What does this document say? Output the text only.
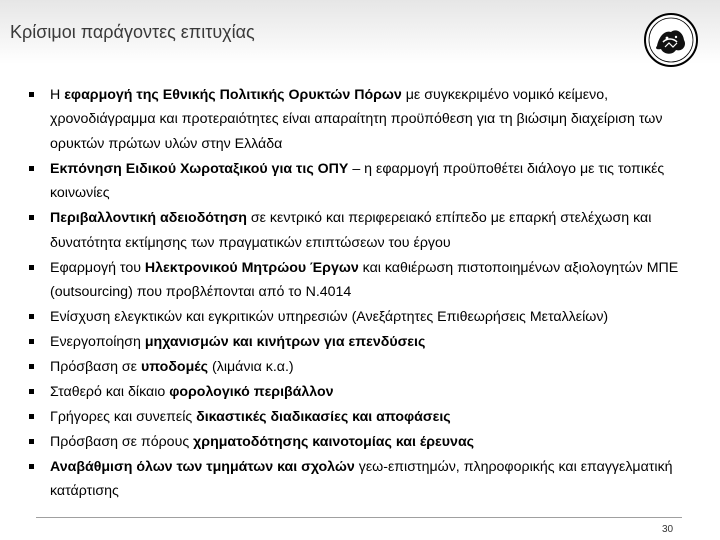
Κρίσιμοι παράγοντες επιτυχίας
Η εφαρμογή της Εθνικής Πολιτικής Ορυκτών Πόρων με συγκεκριμένο νομικό κείμενο, χρονοδιάγραμμα και προτεραιότητες είναι απαραίτητη προϋπόθεση για τη βιώσιμη διαχείριση των ορυκτών πρώτων υλών στην Ελλάδα
Εκπόνηση Ειδικού Χωροταξικού για τις ΟΠΥ – η εφαρμογή προϋποθέτει διάλογο με τις τοπικές κοινωνίες
Περιβαλλοντική αδειοδότηση σε κεντρικό και περιφερειακό επίπεδο με επαρκή στελέχωση και δυνατότητα εκτίμησης των πραγματικών επιπτώσεων του έργου
Εφαρμογή του Ηλεκτρονικού Μητρώου Έργων και καθιέρωση πιστοποιημένων αξιολογητών ΜΠΕ (outsourcing) που προβλέπονται από το Ν.4014
Ενίσχυση ελεγκτικών και εγκριτικών υπηρεσιών (Ανεξάρτητες Επιθεωρήσεις Μεταλλείων)
Ενεργοποίηση μηχανισμών και κινήτρων για επενδύσεις
Πρόσβαση σε υποδομές (λιμάνια κ.α.)
Σταθερό και δίκαιο φορολογικό περιβάλλον
Γρήγορες και συνεπείς δικαστικές διαδικασίες και αποφάσεις
Πρόσβαση σε πόρους χρηματοδότησης καινοτομίας και έρευνας
Αναβάθμιση όλων των τμημάτων και σχολών γεω-επιστημών, πληροφορικής και επαγγελματική κατάρτισης
30
